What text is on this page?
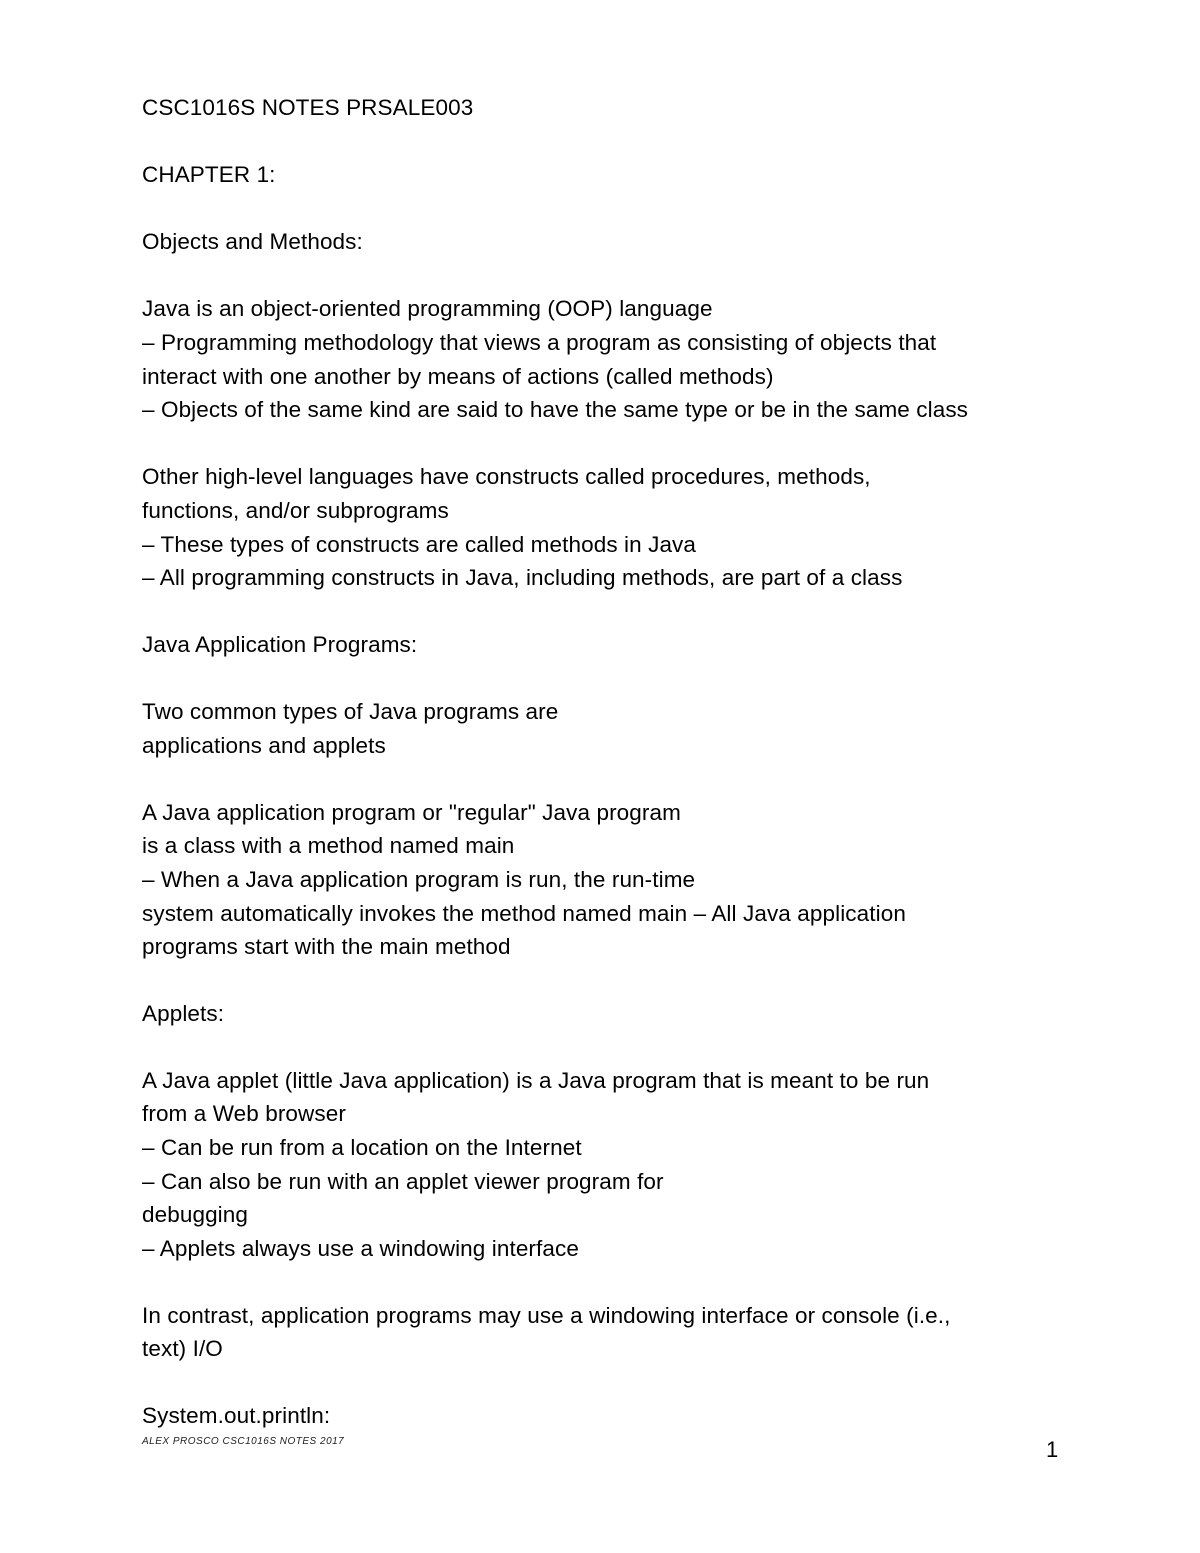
CSC1016S NOTES PRSALE003
CHAPTER 1:
Objects and Methods:
Java is an object-oriented programming (OOP) language
– Programming methodology that views a program as consisting of objects that
interact with one another by means of actions (called methods)
– Objects of the same kind are said to have the same type or be in the same class
Other high-level languages have constructs called procedures, methods,
functions, and/or subprograms
– These types of constructs are called methods in Java
– All programming constructs in Java, including methods, are part of a class
Java Application Programs:
Two common types of Java programs are
applications and applets
A Java application program or "regular" Java program
is a class with a method named main
– When a Java application program is run, the run-time
system automatically invokes the method named main – All Java application
programs start with the main method
Applets:
A Java applet (little Java application) is a Java program that is meant to be run
from a Web browser
– Can be run from a location on the Internet
– Can also be run with an applet viewer program for
debugging
– Applets always use a windowing interface
In contrast, application programs may use a windowing interface or console (i.e.,
text) I/O
System.out.println:
ALEX PROSCO CSC1016S NOTES 2017	1
